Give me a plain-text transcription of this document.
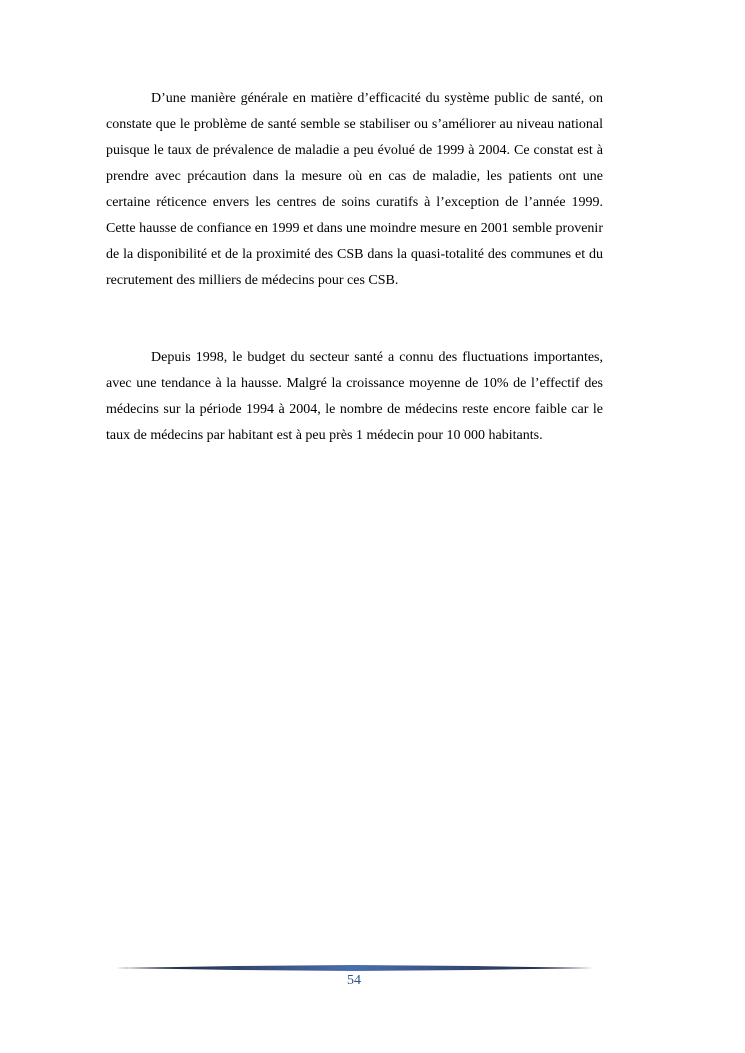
D’une manière générale en matière d’efficacité du système public de santé, on constate que le problème de santé semble se stabiliser ou s’améliorer au niveau national puisque le taux de prévalence de maladie a peu évolué de 1999 à 2004. Ce constat est à prendre avec précaution dans la mesure où en cas de maladie, les patients ont une certaine réticence envers les centres de soins curatifs à l’exception de l’année 1999. Cette hausse de confiance en 1999 et dans une moindre mesure en 2001 semble provenir de la disponibilité et de la proximité des CSB dans la quasi-totalité des communes et du recrutement des milliers de médecins pour ces CSB.

Depuis 1998, le budget du secteur santé a connu des fluctuations importantes, avec une tendance à la hausse. Malgré la croissance moyenne de 10% de l’effectif des médecins sur la période 1994 à 2004, le nombre de médecins reste encore faible car le taux de médecins par habitant est à peu près 1 médecin pour 10 000 habitants.

54
